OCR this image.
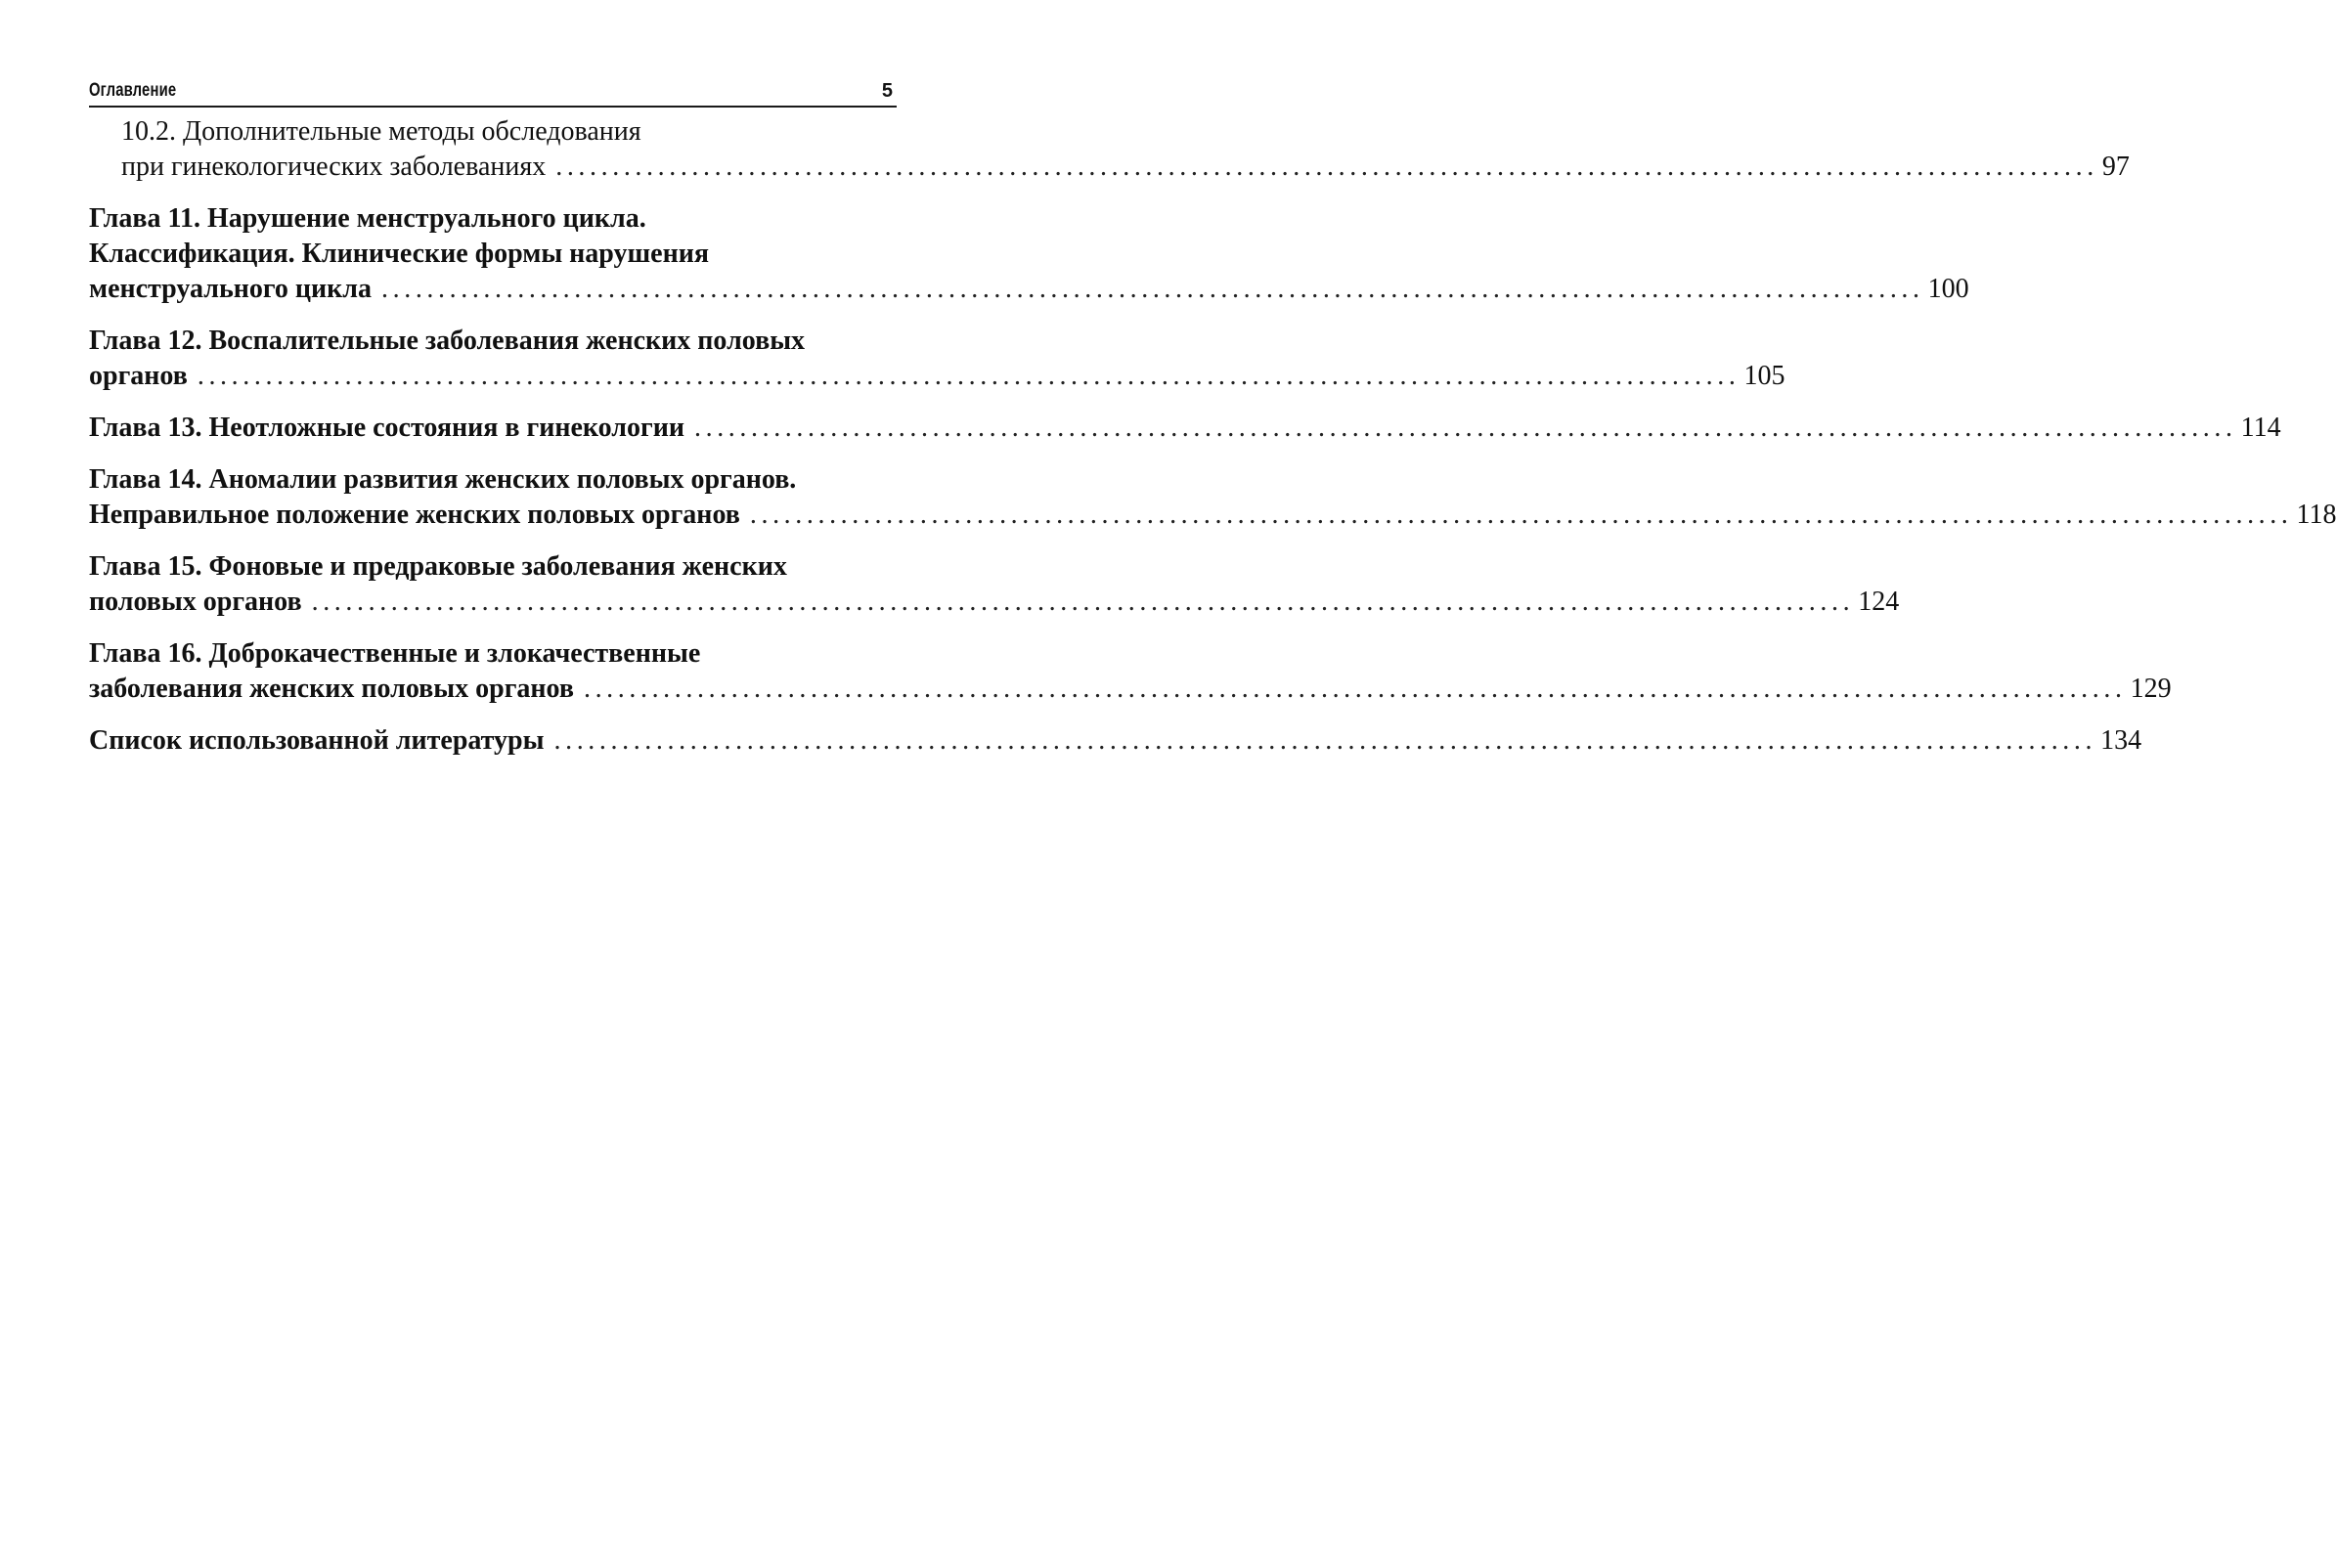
Оглавление	5
10.2. Дополнительные методы обследования
при гинекологических заболеваниях ........................................................................................................................................ 97
Глава 11. Нарушение менструального цикла.
Классификация. Клинические формы нарушения
менструального цикла ........................................................................................................................................ 100
Глава 12. Воспалительные заболевания женских половых
органов ........................................................................................................................................ 105
Глава 13. Неотложные состояния в гинекологии ........................................................................................................................................ 114
Глава 14. Аномалии развития женских половых органов.
Неправильное положение женских половых органов ........................................................................................................................................ 118
Глава 15. Фоновые и предраковые заболевания женских
половых органов ........................................................................................................................................ 124
Глава 16. Доброкачественные и злокачественные
заболевания женских половых органов ........................................................................................................................................ 129
Список использованной литературы ........................................................................................................................................ 134
